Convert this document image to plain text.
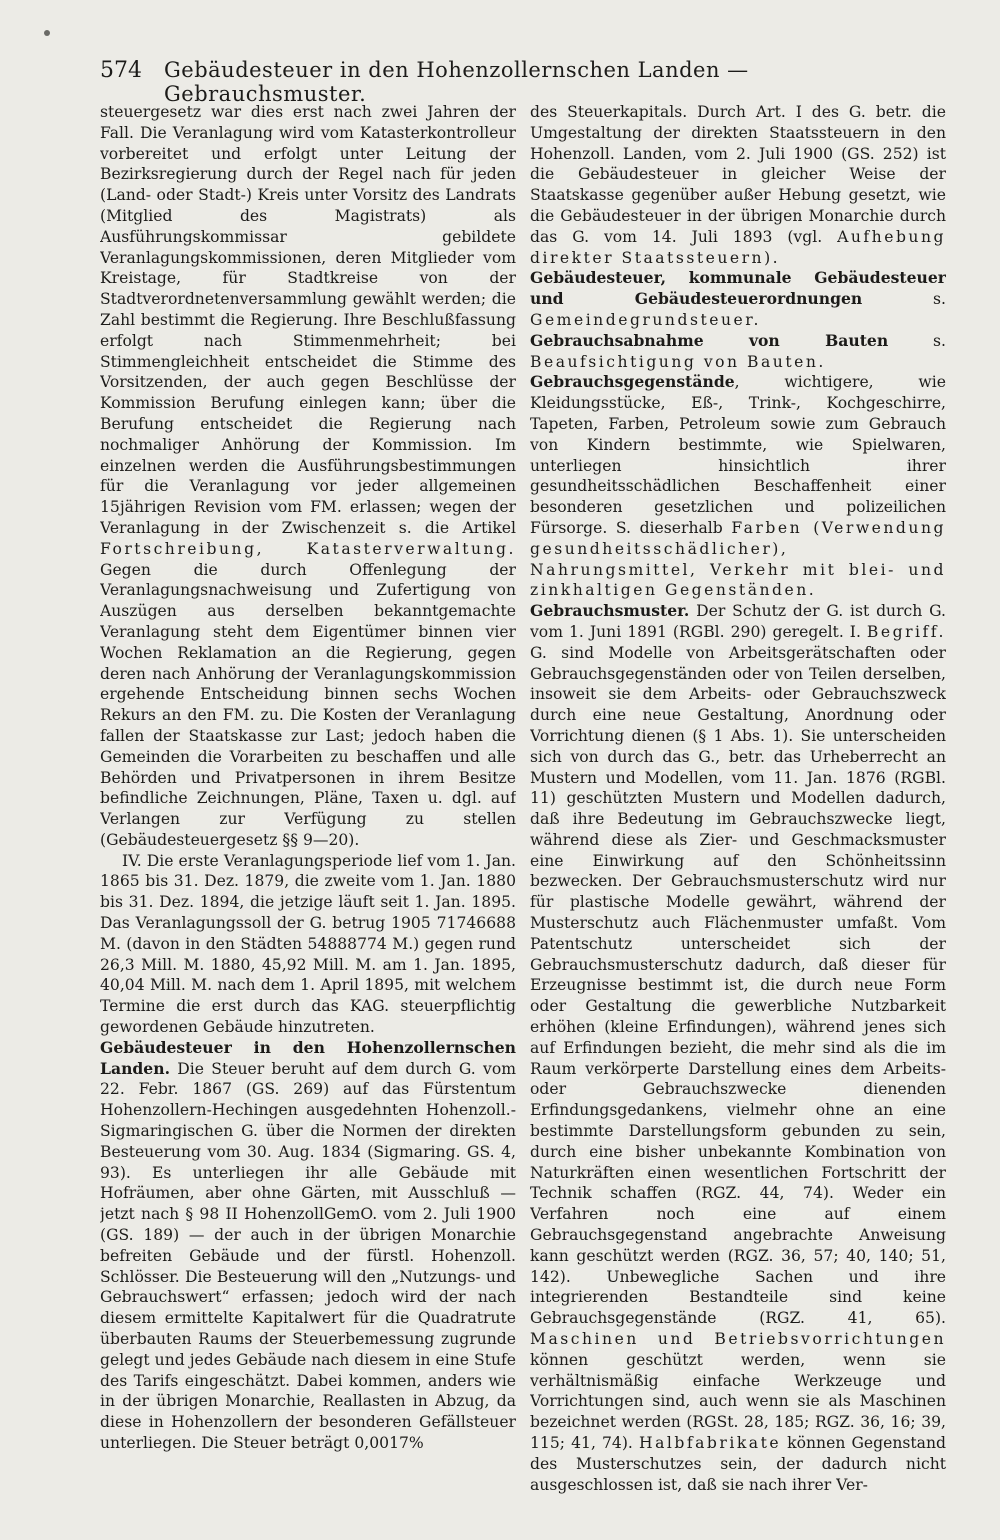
574 Gebäudesteuer in den Hohenzollernschen Landen — Gebrauchsmuster.

steuergesetz war dies erst nach zwei Jahren der Fall. Die Veranlagung wird vom Katasterkontrolleur vorbereitet und erfolgt unter Leitung der Bezirksregierung durch der Regel nach für jeden (Land- oder Stadt-) Kreis unter Vorsitz des Landrats (Mitglied des Magistrats) als Ausführungskommissar gebildete Veranlagungskommissionen, deren Mitglieder vom Kreistage, für Stadtkreise von der Stadtverordnetenversammlung gewählt werden; die Zahl bestimmt die Regierung. Ihre Beschlußfassung erfolgt nach Stimmenmehrheit; bei Stimmengleichheit entscheidet die Stimme des Vorsitzenden, der auch gegen Beschlüsse der Kommission Berufung einlegen kann; über die Berufung entscheidet die Regierung nach nochmaliger Anhörung der Kommission. Im einzelnen werden die Ausführungsbestimmungen für die Veranlagung vor jeder allgemeinen 15jährigen Revision vom FM. erlassen; wegen der Veranlagung in der Zwischenzeit s. die Artikel Fortschreibung, Katasterverwaltung. Gegen die durch Offenlegung der Veranlagungsnachweisung und Zufertigung von Auszügen aus derselben bekanntgemachte Veranlagung steht dem Eigentümer binnen vier Wochen Reklamation an die Regierung, gegen deren nach Anhörung der Veranlagungskommission ergehende Entscheidung binnen sechs Wochen Rekurs an den FM. zu. Die Kosten der Veranlagung fallen der Staatskasse zur Last; jedoch haben die Gemeinden die Vorarbeiten zu beschaffen und alle Behörden und Privatpersonen in ihrem Besitze befindliche Zeichnungen, Pläne, Taxen u. dgl. auf Verlangen zur Verfügung zu stellen (Gebäudesteuergesetz §§ 9—20).

IV. Die erste Veranlagungsperiode lief vom 1. Jan. 1865 bis 31. Dez. 1879, die zweite vom 1. Jan. 1880 bis 31. Dez. 1894, die jetzige läuft seit 1. Jan. 1895. Das Veranlagungssoll der G. betrug 1905 71746688 M. (davon in den Städten 54888774 M.) gegen rund 26,3 Mill. M. 1880, 45,92 Mill. M. am 1. Jan. 1895, 40,04 Mill. M. nach dem 1. April 1895, mit welchem Termine die erst durch das KAG. steuerpflichtig gewordenen Gebäude hinzutreten.

Gebäudesteuer in den Hohenzollernschen Landen. Die Steuer beruht auf dem durch G. vom 22. Febr. 1867 (GS. 269) auf das Fürstentum Hohenzollern-Hechingen ausgedehnten Hohenzoll.-Sigmaringischen G. über die Normen der direkten Besteuerung vom 30. Aug. 1834 (Sigmaring. GS. 4, 93). Es unterliegen ihr alle Gebäude mit Hofräumen, aber ohne Gärten, mit Ausschluß — jetzt nach § 98 II HohenzollGemO. vom 2. Juli 1900 (GS. 189) — der auch in der übrigen Monarchie befreiten Gebäude und der fürstl. Hohenzoll. Schlösser. Die Besteuerung will den „Nutzungs- und Gebrauchswert“ erfassen; jedoch wird der nach diesem ermittelte Kapitalwert für die Quadratrute überbauten Raums der Steuerbemessung zugrunde gelegt und jedes Gebäude nach diesem in eine Stufe des Tarifs eingeschätzt. Dabei kommen, anders wie in der übrigen Monarchie, Reallasten in Abzug, da diese in Hohenzollern der besonderen Gefällsteuer unterliegen. Die Steuer beträgt 0,0017%

des Steuerkapitals. Durch Art. I des G. betr. die Umgestaltung der direkten Staatssteuern in den Hohenzoll. Landen, vom 2. Juli 1900 (GS. 252) ist die Gebäudesteuer in gleicher Weise der Staatskasse gegenüber außer Hebung gesetzt, wie die Gebäudesteuer in der übrigen Monarchie durch das G. vom 14. Juli 1893 (vgl. Aufhebung direkter Staatssteuern).

Gebäudesteuer, kommunale Gebäudesteuer und Gebäudesteuerordnungen	s. Gemeindegrundsteuer.

Gebrauchsabnahme von Bauten	s. Beaufsichtigung von Bauten.

Gebrauchsgegenstände, wichtigere, wie Kleidungsstücke, Eß-, Trink-, Kochgeschirre, Tapeten, Farben, Petroleum sowie zum Gebrauch von Kindern bestimmte, wie Spielwaren, unterliegen hinsichtlich ihrer gesundheitsschädlichen Beschaffenheit einer besonderen gesetzlichen und polizeilichen Fürsorge. S. dieserhalb Farben (Verwendung gesundheitsschädlicher), Nahrungsmittel, Verkehr mit blei- und zinkhaltigen Gegenständen.

Gebrauchsmuster. Der Schutz der G. ist durch G. vom 1. Juni 1891 (RGBl. 290) geregelt. I. Begriff. G. sind Modelle von Arbeitsgerätschaften oder Gebrauchsgegenständen oder von Teilen derselben, insoweit sie dem Arbeits- oder Gebrauchszweck durch eine neue Gestaltung, Anordnung oder Vorrichtung dienen (§ 1 Abs. 1). Sie unterscheiden sich von durch das G., betr. das Urheberrecht an Mustern und Modellen, vom 11. Jan. 1876 (RGBl. 11) geschützten Mustern und Modellen dadurch, daß ihre Bedeutung im Gebrauchszwecke liegt, während diese als Zier- und Geschmacksmuster eine Einwirkung auf den Schönheitssinn bezwecken. Der Gebrauchsmusterschutz wird nur für plastische Modelle gewährt, während der Musterschutz auch Flächenmuster umfaßt. Vom Patentschutz unterscheidet sich der Gebrauchsmusterschutz dadurch, daß dieser für Erzeugnisse bestimmt ist, die durch neue Form oder Gestaltung die gewerbliche Nutzbarkeit erhöhen (kleine Erfindungen), während jenes sich auf Erfindungen bezieht, die mehr sind als die im Raum verkörperte Darstellung eines dem Arbeits- oder Gebrauchszwecke dienenden Erfindungsgedankens, vielmehr ohne an eine bestimmte Darstellungsform gebunden zu sein, durch eine bisher unbekannte Kombination von Naturkräften einen wesentlichen Fortschritt der Technik schaffen (RGZ. 44, 74). Weder ein Verfahren noch eine auf einem Gebrauchsgegenstand angebrachte Anweisung kann geschützt werden (RGZ. 36, 57; 40, 140; 51, 142). Unbewegliche Sachen und ihre integrierenden Bestandteile sind keine Gebrauchsgegenstände (RGZ. 41, 65). Maschinen und Betriebsvorrichtungen können geschützt werden, wenn sie verhältnismäßig einfache Werkzeuge und Vorrichtungen sind, auch wenn sie als Maschinen bezeichnet werden (RGSt. 28, 185; RGZ. 36, 16; 39, 115; 41, 74). Halbfabrikate können Gegenstand des Musterschutzes sein, der dadurch nicht ausgeschlossen ist, daß sie nach ihrer Ver-
